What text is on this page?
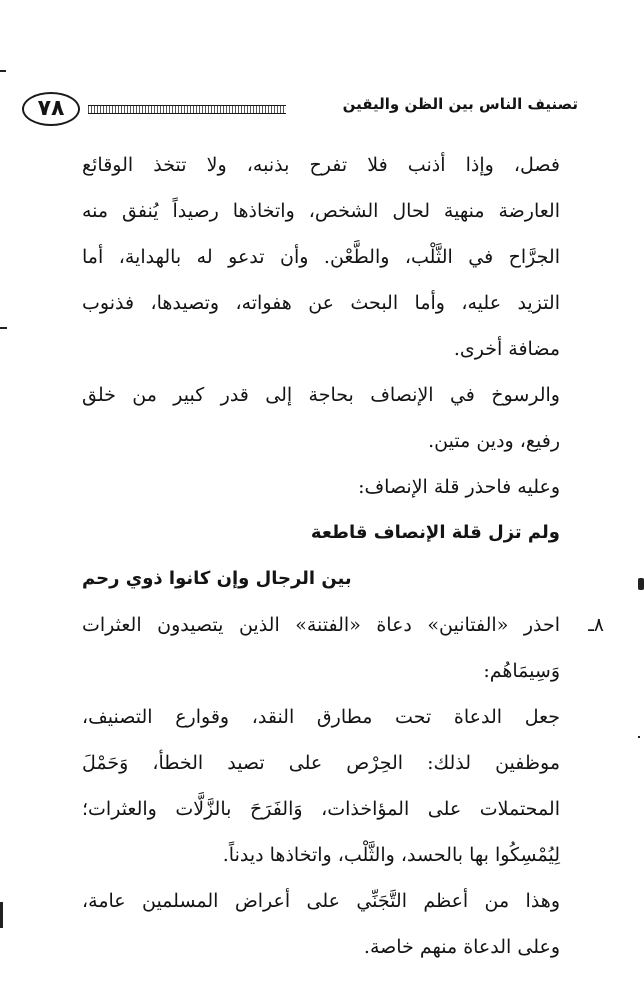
٧٨	تصنيف الناس بين الظن واليقين
فصل، وإذا أذنب فلا تفرح بذنبه، ولا تتخذ الوقائع
العارضة منهية لحال الشخص، واتخاذها رصيداً يُنفق منه
الجرَّاح في الثَّلْب، والطَّعْن. وأن تدعو له بالهداية، أما
التزيد عليه، وأما البحث عن هفواته، وتصيدها، فذنوب
مضافة أخرى.
والرسوخ في الإنصاف بحاجة إلى قدر كبير من خلق
رفيع، ودين متين.
وعليه فاحذر قلة الإنصاف:
ولم تزل قلة الإنصاف قاطعة
بين الرجال وإن كانوا ذوي رحم
٨ـ
احذر «الفتانين» دعاة «الفتنة» الذين يتصيدون العثرات
وَسِيمَاهُم:
جعل الدعاة تحت مطارق النقد، وقوارع التصنيف،
موظفين لذلك: الحِرْص على تصيد الخطأ، وَحَمْلَ
المحتملات على المؤاخذات، وَالفَرَحَ بالزَّلَّات والعثرات؛
لِيُمْسِكُوا بها بالحسد، والثَّلْب، واتخاذها ديدناً.
وهذا من أعظم التَّجَنِّي على أعراض المسلمين عامة،
وعلى الدعاة منهم خاصة.
